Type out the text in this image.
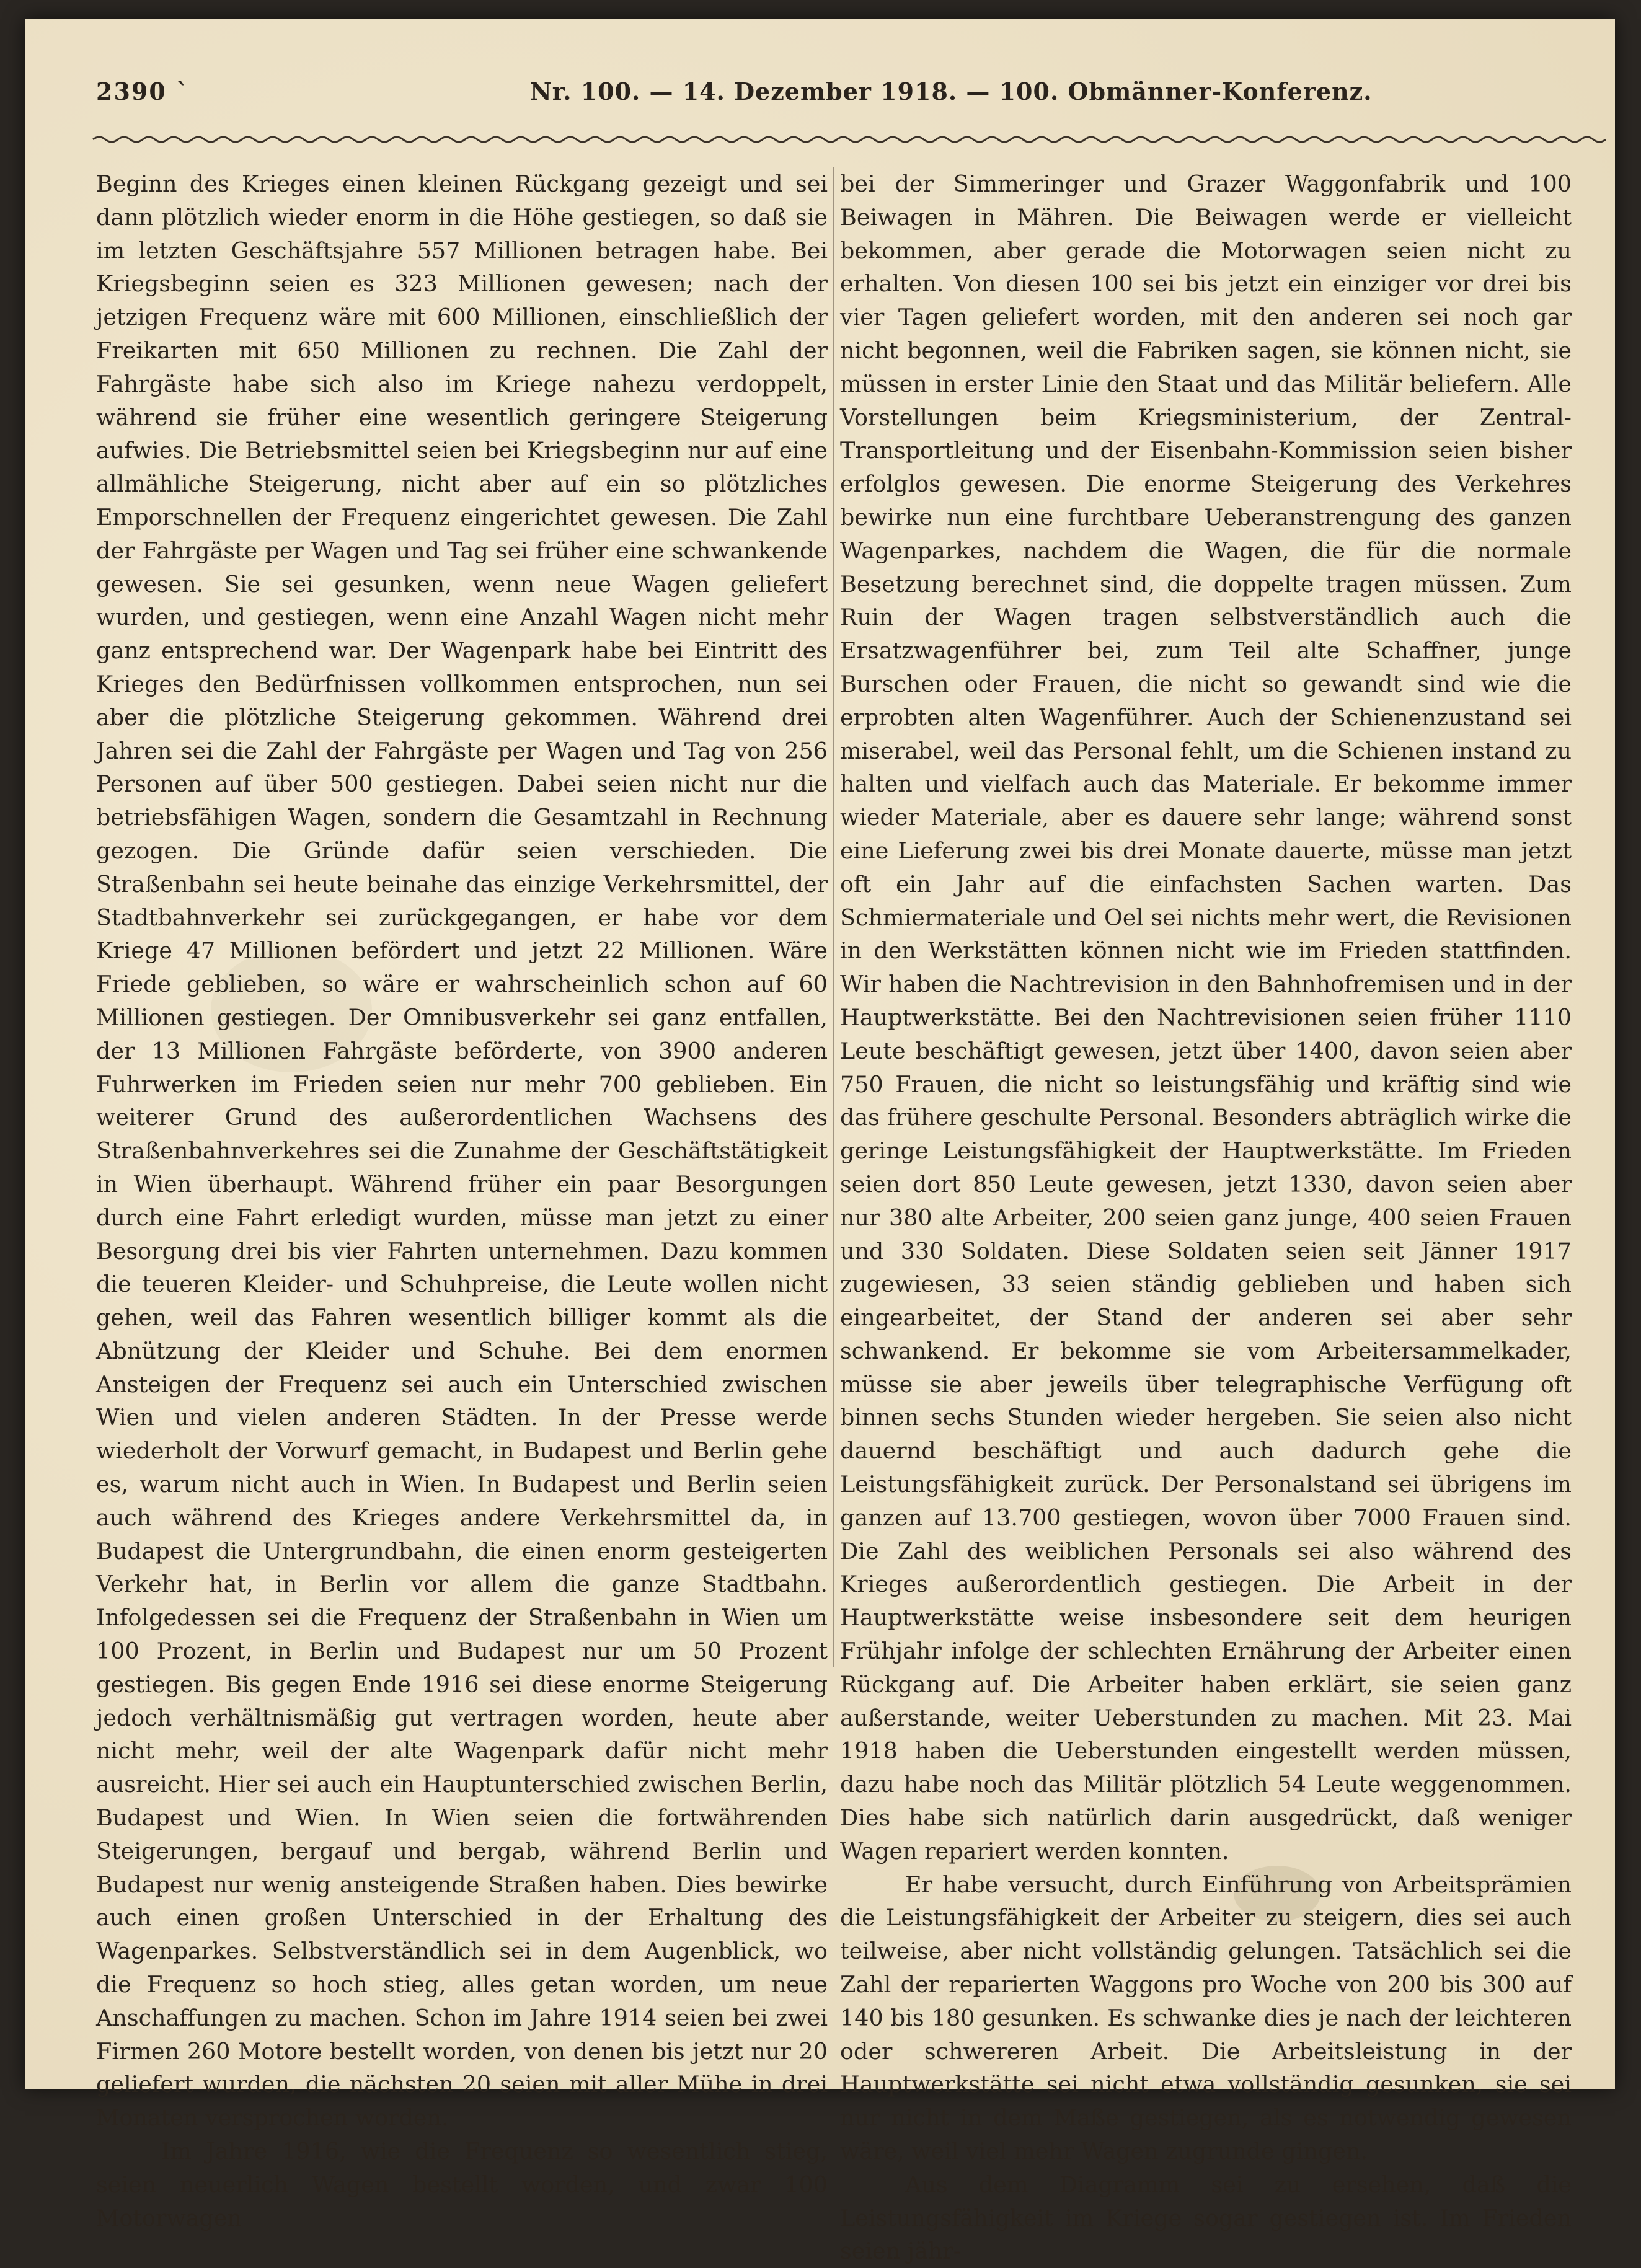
2390 `	Nr. 100. — 14. Dezember 1918. — 100. Obmänner-Konferenz.

Beginn des Krieges einen kleinen Rückgang gezeigt und sei dann plötzlich wieder enorm in die Höhe gestiegen, so daß sie im letzten Geschäftsjahre 557 Millionen betragen habe. Bei Kriegsbeginn seien es 323 Millionen gewesen; nach der jetzigen Frequenz wäre mit 600 Millionen, einschließlich der Freikarten mit 650 Millionen zu rechnen. Die Zahl der Fahrgäste habe sich also im Kriege nahezu verdoppelt, während sie früher eine wesentlich geringere Steigerung aufwies. Die Betriebsmittel seien bei Kriegsbeginn nur auf eine allmähliche Steigerung, nicht aber auf ein so plötzliches Emporschnellen der Frequenz eingerichtet gewesen. Die Zahl der Fahrgäste per Wagen und Tag sei früher eine schwankende gewesen. Sie sei gesunken, wenn neue Wagen geliefert wurden, und gestiegen, wenn eine Anzahl Wagen nicht mehr ganz entsprechend war. Der Wagenpark habe bei Eintritt des Krieges den Bedürfnissen vollkommen entsprochen, nun sei aber die plötzliche Steigerung gekommen. Während drei Jahren sei die Zahl der Fahrgäste per Wagen und Tag von 256 Personen auf über 500 gestiegen. Dabei seien nicht nur die betriebsfähigen Wagen, sondern die Gesamtzahl in Rechnung gezogen. Die Gründe dafür seien verschieden. Die Straßenbahn sei heute beinahe das einzige Verkehrsmittel, der Stadtbahnverkehr sei zurückgegangen, er habe vor dem Kriege 47 Millionen befördert und jetzt 22 Millionen. Wäre Friede geblieben, so wäre er wahrscheinlich schon auf 60 Millionen gestiegen. Der Omnibusverkehr sei ganz entfallen, der 13 Millionen Fahrgäste beförderte, von 3900 anderen Fuhrwerken im Frieden seien nur mehr 700 geblieben. Ein weiterer Grund des außerordentlichen Wachsens des Straßenbahnverkehres sei die Zunahme der Geschäftstätigkeit in Wien überhaupt. Während früher ein paar Besorgungen durch eine Fahrt erledigt wurden, müsse man jetzt zu einer Besorgung drei bis vier Fahrten unternehmen. Dazu kommen die teueren Kleider- und Schuhpreise, die Leute wollen nicht gehen, weil das Fahren wesentlich billiger kommt als die Abnützung der Kleider und Schuhe. Bei dem enormen Ansteigen der Frequenz sei auch ein Unterschied zwischen Wien und vielen anderen Städten. In der Presse werde wiederholt der Vorwurf gemacht, in Budapest und Berlin gehe es, warum nicht auch in Wien. In Budapest und Berlin seien auch während des Krieges andere Verkehrsmittel da, in Budapest die Untergrundbahn, die einen enorm gesteigerten Verkehr hat, in Berlin vor allem die ganze Stadtbahn. Infolgedessen sei die Frequenz der Straßenbahn in Wien um 100 Prozent, in Berlin und Budapest nur um 50 Prozent gestiegen. Bis gegen Ende 1916 sei diese enorme Steigerung jedoch verhältnismäßig gut vertragen worden, heute aber nicht mehr, weil der alte Wagenpark dafür nicht mehr ausreicht. Hier sei auch ein Hauptunterschied zwischen Berlin, Budapest und Wien. In Wien seien die fortwährenden Steigerungen, bergauf und bergab, während Berlin und Budapest nur wenig ansteigende Straßen haben. Dies bewirke auch einen großen Unterschied in der Erhaltung des Wagenparkes. Selbstverständlich sei in dem Augenblick, wo die Frequenz so hoch stieg, alles getan worden, um neue Anschaffungen zu machen. Schon im Jahre 1914 seien bei zwei Firmen 260 Motore bestellt worden, von denen bis jetzt nur 20 geliefert wurden, die nächsten 20 seien mit aller Mühe in drei Monaten versprochen worden.

Im Jahre 1916, wie die Frequenz so wesentlich stieg, seien neuerlich Wagen bestellt worden, und zwar 100 Motorwagen

bei der Simmeringer und Grazer Waggonfabrik und 100 Beiwagen in Mähren. Die Beiwagen werde er vielleicht bekommen, aber gerade die Motorwagen seien nicht zu erhalten. Von diesen 100 sei bis jetzt ein einziger vor drei bis vier Tagen geliefert worden, mit den anderen sei noch gar nicht begonnen, weil die Fabriken sagen, sie können nicht, sie müssen in erster Linie den Staat und das Militär beliefern. Alle Vorstellungen beim Kriegsministerium, der Zentral-Transportleitung und der Eisenbahn-Kommission seien bisher erfolglos gewesen. Die enorme Steigerung des Verkehres bewirke nun eine furchtbare Ueberanstrengung des ganzen Wagenparkes, nachdem die Wagen, die für die normale Besetzung berechnet sind, die doppelte tragen müssen. Zum Ruin der Wagen tragen selbstverständlich auch die Ersatzwagenführer bei, zum Teil alte Schaffner, junge Burschen oder Frauen, die nicht so gewandt sind wie die erprobten alten Wagenführer. Auch der Schienenzustand sei miserabel, weil das Personal fehlt, um die Schienen instand zu halten und vielfach auch das Materiale. Er bekomme immer wieder Materiale, aber es dauere sehr lange; während sonst eine Lieferung zwei bis drei Monate dauerte, müsse man jetzt oft ein Jahr auf die einfachsten Sachen warten. Das Schmiermateriale und Oel sei nichts mehr wert, die Revisionen in den Werkstätten können nicht wie im Frieden stattfinden. Wir haben die Nachtrevision in den Bahnhofremisen und in der Hauptwerkstätte. Bei den Nachtrevisionen seien früher 1110 Leute beschäftigt gewesen, jetzt über 1400, davon seien aber 750 Frauen, die nicht so leistungsfähig und kräftig sind wie das frühere geschulte Personal. Besonders abträglich wirke die geringe Leistungsfähigkeit der Hauptwerkstätte. Im Frieden seien dort 850 Leute gewesen, jetzt 1330, davon seien aber nur 380 alte Arbeiter, 200 seien ganz junge, 400 seien Frauen und 330 Soldaten. Diese Soldaten seien seit Jänner 1917 zugewiesen, 33 seien ständig geblieben und haben sich eingearbeitet, der Stand der anderen sei aber sehr schwankend. Er bekomme sie vom Arbeitersammelkader, müsse sie aber jeweils über telegraphische Verfügung oft binnen sechs Stunden wieder hergeben. Sie seien also nicht dauernd beschäftigt und auch dadurch gehe die Leistungsfähigkeit zurück. Der Personalstand sei übrigens im ganzen auf 13.700 gestiegen, wovon über 7000 Frauen sind. Die Zahl des weiblichen Personals sei also während des Krieges außerordentlich gestiegen. Die Arbeit in der Hauptwerkstätte weise insbesondere seit dem heurigen Frühjahr infolge der schlechten Ernährung der Arbeiter einen Rückgang auf. Die Arbeiter haben erklärt, sie seien ganz außerstande, weiter Ueberstunden zu machen. Mit 23. Mai 1918 haben die Ueberstunden eingestellt werden müssen, dazu habe noch das Militär plötzlich 54 Leute weggenommen. Dies habe sich natürlich darin ausgedrückt, daß weniger Wagen repariert werden konnten.

Er habe versucht, durch Einführung von Arbeitsprämien die Leistungsfähigkeit der Arbeiter zu steigern, dies sei auch teilweise, aber nicht vollständig gelungen. Tatsächlich sei die Zahl der reparierten Waggons pro Woche von 200 bis 300 auf 140 bis 180 gesunken. Es schwanke dies je nach der leichteren oder schwereren Arbeit. Die Arbeitsleistung in der Hauptwerkstätte sei nicht etwa vollständig gesunken, sie sei nur nicht in dem Maße gestiegen, als es notwendig gewesen wäre, weil viel mehr Wagen zugrunde gingen.

Aus dem Diagramm sei zu ersehen, daß die Leistungsfähigkeit im Kriege sogar gestiegen ist. Im Frieden seien jähr-
